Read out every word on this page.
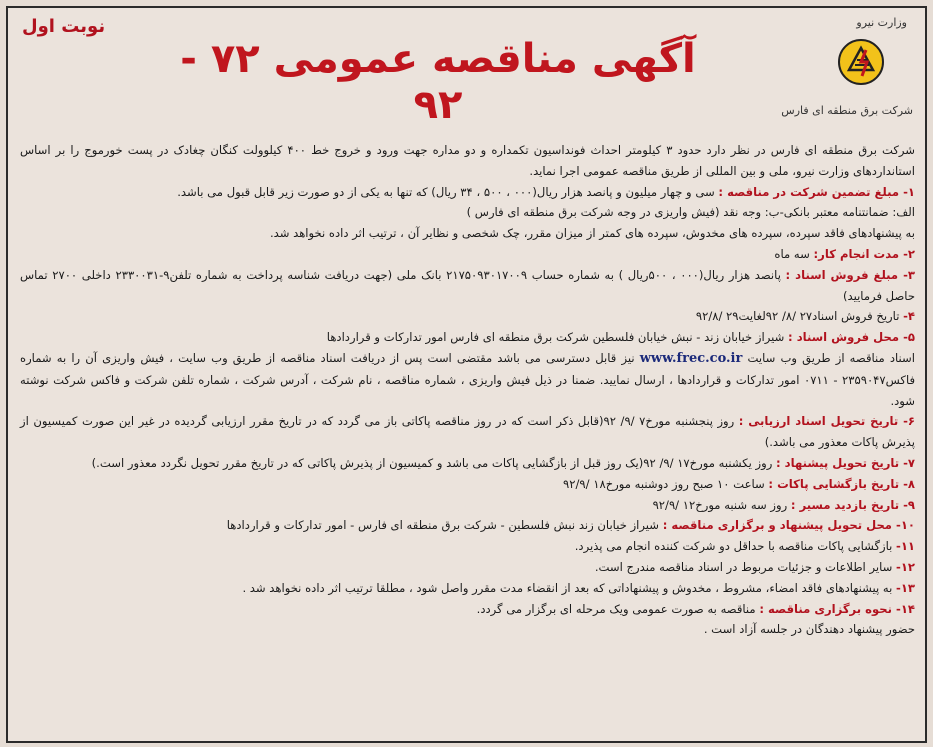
نوبت اول	وزارت نیرو
شرکت برق منطقه ای فارس
آگهی مناقصه عمومی ۷۲ - ۹۲

شرکت برق منطقه ای فارس در نظر دارد حدود ۳ کیلومتر احداث فونداسیون تکمداره و دو مداره جهت ورود و خروج خط ۴۰۰ کیلوولت کنگان چغادک در پست خورموج را بر اساس استانداردهای وزارت نیرو، ملی و بین المللی از طریق مناقصه عمومی اجرا نماید.

۱- مبلغ تضمین شرکت در مناقصه : سی و چهار میلیون و پانصد هزار ریال(۰۰۰ ، ۵۰۰ ، ۳۴ ریال) که تنها به یکی از دو صورت زیر قابل قبول می باشد.

الف: ضمانتنامه معتبر بانکی-ب: وجه نقد (فیش واریزی در وجه شرکت برق منطقه ای فارس )

به پیشنهادهای فاقد سپرده، سپرده های مخدوش، سپرده های کمتر از میزان مقرر، چک شخصی و نظایر آن ، ترتیب اثر داده نخواهد شد.

۲- مدت انجام کار: سه ماه

۳- مبلغ فروش اسناد : پانصد هزار ریال(۰۰۰ ، ۵۰۰ریال ) به شماره حساب ۲۱۷۵۰۹۳۰۱۷۰۰۹ بانک ملی (جهت دریافت شناسه پرداخت به شماره تلفن۹-۲۳۳۰۰۳۱ داخلی ۲۷۰۰ تماس حاصل فرمایید)

۴- تاریخ فروش اسناد۲۷ /۸/ ۹۲لغایت۲۹ /۹۲/۸

۵- محل فروش اسناد : شیراز خیابان زند - نبش خیابان فلسطین شرکت برق منطقه ای فارس امور تدارکات و قراردادها

اسناد مناقصه از طریق وب سایت www.frec.co.ir نیز قابل دسترسی می باشد مقتضی است پس از دریافت اسناد مناقصه از طریق وب سایت ، فیش واریزی آن را به شماره فاکس۲۳۵۹۰۴۷ - ۰۷۱۱ امور تدارکات و قراردادها ، ارسال نمایید. ضمنا در ذیل فیش واریزی ، شماره مناقصه ، نام شرکت ، آدرس شرکت ، شماره تلفن شرکت و فاکس شرکت نوشته شود.

۶- تاریخ تحویل اسناد ارزیابی : روز پنجشنبه مورخ۷ /۹/ ۹۲(قابل ذکر است که در روز مناقصه پاکاتی باز می گردد که در تاریخ مقرر ارزیابی گردیده در غیر این صورت کمیسیون از پذیرش پاکات معذور می باشد.)

۷- تاریخ تحویل پیشنهاد : روز یکشنبه مورخ۱۷ /۹/ ۹۲(یک روز قبل از بازگشایی پاکات می باشد و کمیسیون از پذیرش پاکاتی که در تاریخ مقرر تحویل نگردد معذور است.)

۸- تاریخ بازگشایی پاکات : ساعت ۱۰ صبح روز دوشنبه مورخ۱۸ /۹۲/۹

۹- تاریخ بازدید مسیر : روز سه شنبه مورخ۱۲ /۹۲/۹

۱۰- محل تحویل پیشنهاد و برگزاری مناقصه : شیراز خیابان زند نبش فلسطین - شرکت برق منطقه ای فارس - امور تدارکات و قراردادها

۱۱- بازگشایی پاکات مناقصه با حداقل دو شرکت کننده انجام می پذیرد.

۱۲- سایر اطلاعات و جزئیات مربوط در اسناد مناقصه مندرج است.

۱۳- به پیشنهادهای فاقد امضاء، مشروط ، مخدوش و پیشنهاداتی که بعد از انقضاء مدت مقرر واصل شود ، مطلقا ترتیب اثر داده نخواهد شد .

۱۴- نحوه برگزاری مناقصه : مناقصه به صورت عمومی ویک مرحله ای برگزار می گردد.

حضور پیشنهاد دهندگان در جلسه آزاد است .
